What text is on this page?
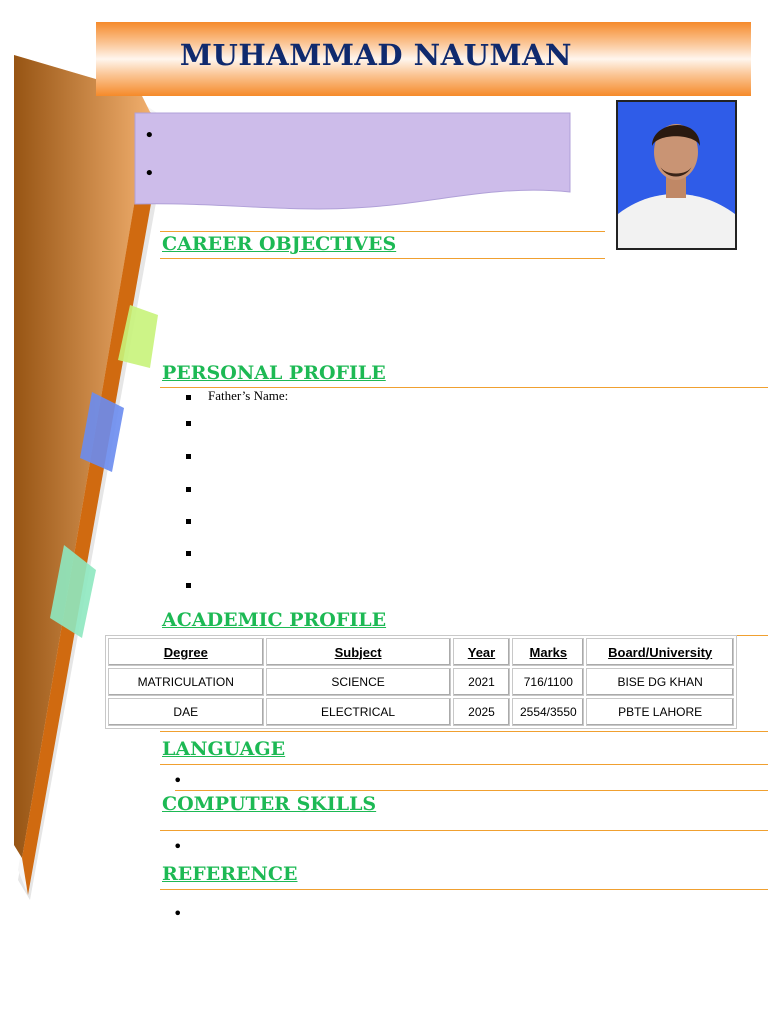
MUHAMMAD NAUMAN
•
•
CAREER OBJECTIVES
PERSONAL PROFILE
Father’s Name:
ACADEMIC PROFILE
Degree	Subject	Year	Marks	Board/University
MATRICULATION	SCIENCE	2021	716/1100	BISE DG KHAN
DAE	ELECTRICAL	2025	2554/3550	PBTE LAHORE
LANGUAGE
•
COMPUTER SKILLS
•
REFERENCE
•
